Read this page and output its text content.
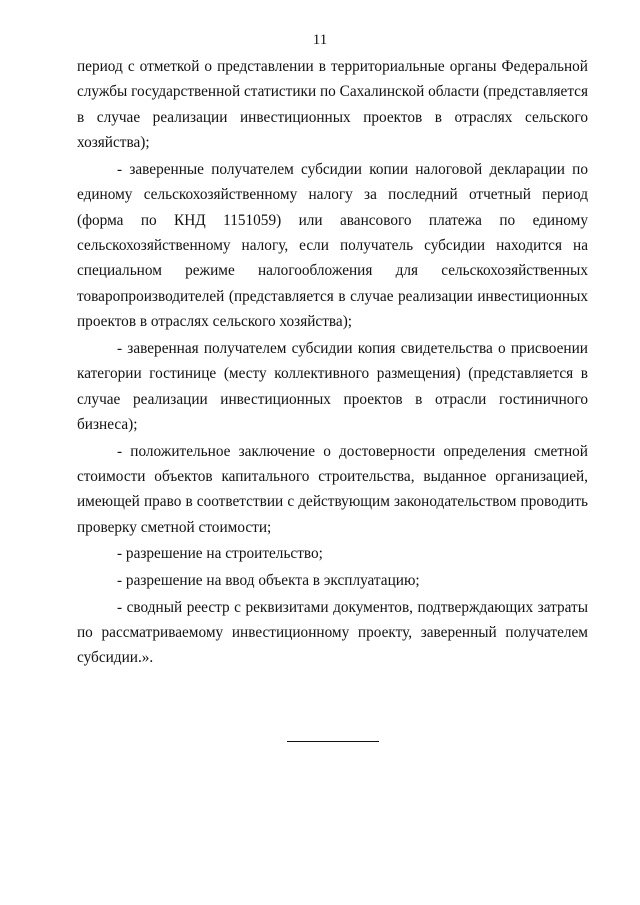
11

период с отметкой о представлении в территориальные органы Федеральной службы государственной статистики по Сахалинской области (представляется в случае реализации инвестиционных проектов в отраслях сельского хозяйства);

- заверенные получателем субсидии копии налоговой декларации по единому сельскохозяйственному налогу за последний отчетный период (форма по КНД 1151059) или авансового платежа по единому сельскохозяйственному налогу, если получатель субсидии находится на специальном режиме налогообложения для сельскохозяйственных товаропроизводителей (представляется в случае реализации инвестиционных проектов в отраслях сельского хозяйства);

- заверенная получателем субсидии копия свидетельства о присвоении категории гостинице (месту коллективного размещения) (представляется в случае реализации инвестиционных проектов в отрасли гостиничного бизнеса);

- положительное заключение о достоверности определения сметной стоимости объектов капитального строительства, выданное организацией, имеющей право в соответствии с действующим законодательством проводить проверку сметной стоимости;

- разрешение на строительство;

- разрешение на ввод объекта в эксплуатацию;

- сводный реестр с реквизитами документов, подтверждающих затраты по рассматриваемому инвестиционному проекту, заверенный получателем субсидии.».
